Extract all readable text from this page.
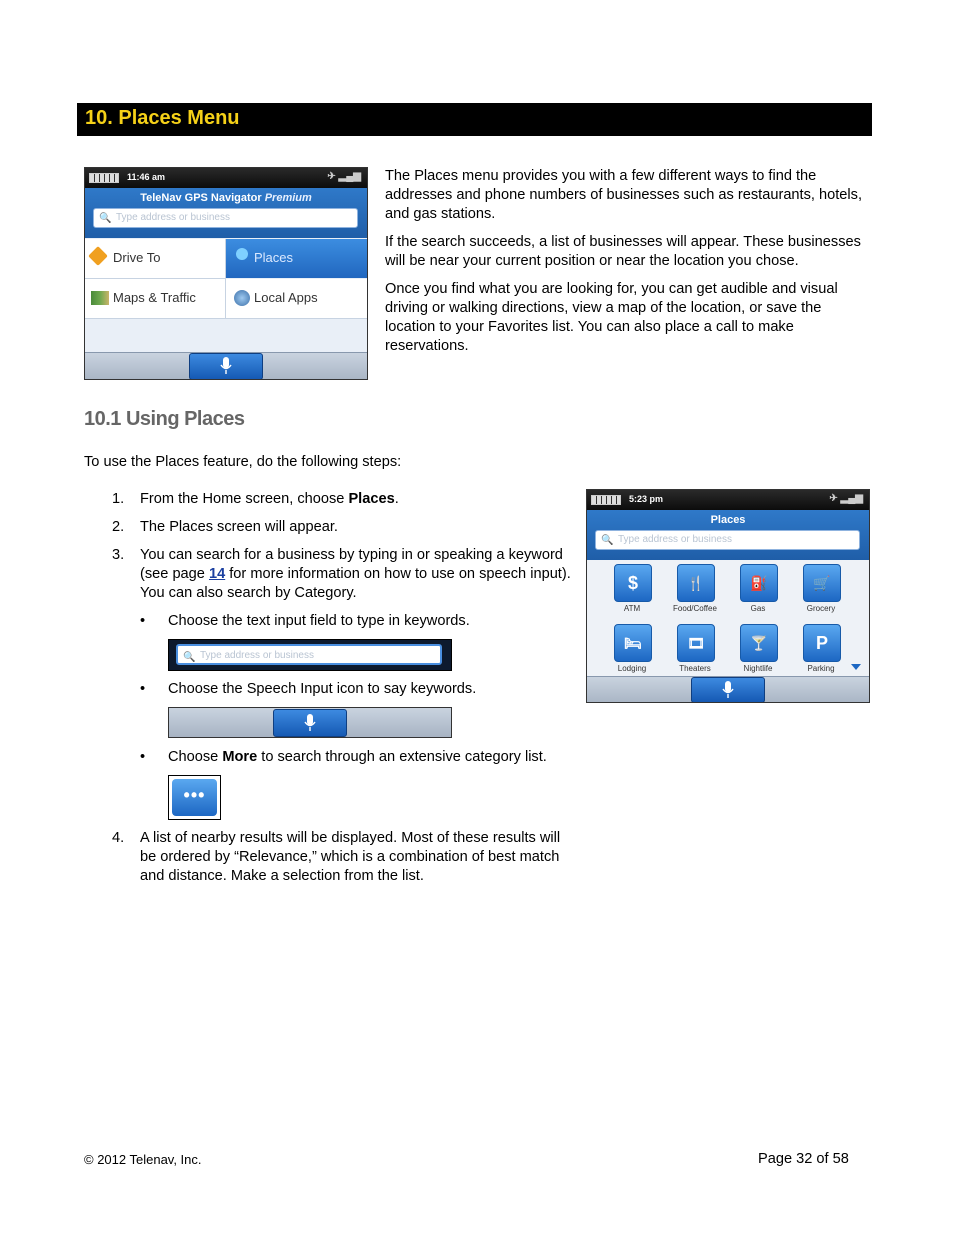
10. Places Menu
11:46 am	✈ ▂▄▆
TeleNav GPS Navigator Premium
🔍 Type address or business
Drive To	Places
Maps & Traffic	Local Apps

The Places menu provides you with a few different ways to find the addresses and phone numbers of businesses such as restaurants, hotels, and gas stations.

If the search succeeds, a list of businesses will appear. These businesses will be near your current position or near the location you chose.

Once you find what you are looking for, you can get audible and visual driving or walking directions, view a map of the location, or save the location to your Favorites list. You can also place a call to make reservations.

10.1 Using Places
To use the Places feature, do the following steps:
1. From the Home screen, choose Places.
2. The Places screen will appear.
3. You can search for a business by typing in or speaking a keyword (see page 14 for more information on how to use on speech input). You can also search by Category.
• Choose the text input field to type in keywords.
🔍 Type address or business
• Choose the Speech Input icon to say keywords.
• Choose More to search through an extensive category list.
•••
4. A list of nearby results will be displayed. Most of these results will be ordered by “Relevance,” which is a combination of best match and distance. Make a selection from the list.
5:23 pm	✈ ▂▄▆
Places
🔍 Type address or business
$
ATM
🍴
Food/Coffee
⛽
Gas
🛒
Grocery
🛏
Lodging
🎞
Theaters
🍸
Nightlife
P
Parking
© 2012 Telenav, Inc.	Page 32 of 58
